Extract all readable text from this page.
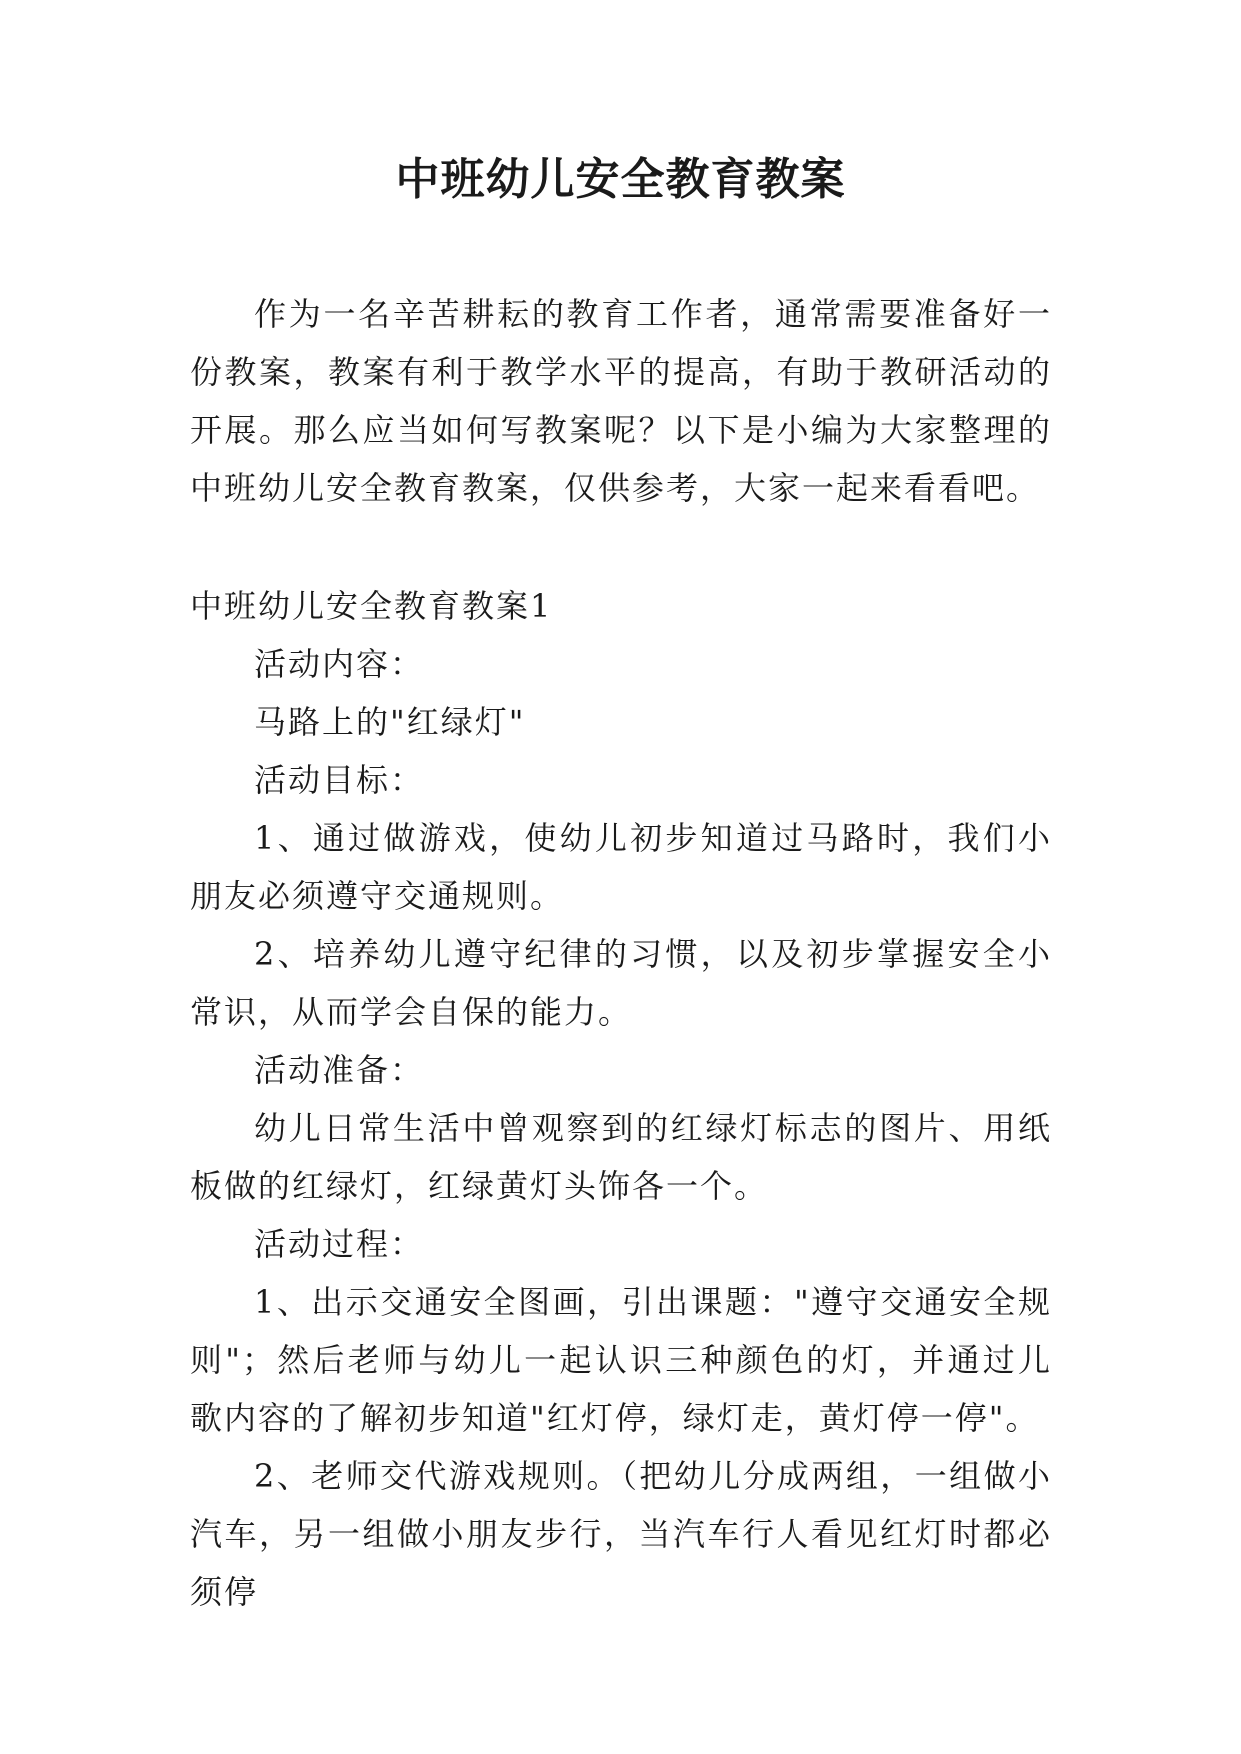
中班幼儿安全教育教案

作为一名辛苦耕耘的教育工作者，通常需要准备好一份教案，教案有利于教学水平的提高，有助于教研活动的开展。那么应当如何写教案呢？以下是小编为大家整理的中班幼儿安全教育教案，仅供参考，大家一起来看看吧。

中班幼儿安全教育教案1

活动内容：

马路上的"红绿灯"

活动目标：

1、通过做游戏，使幼儿初步知道过马路时，我们小朋友必须遵守交通规则。

2、培养幼儿遵守纪律的习惯，以及初步掌握安全小常识，从而学会自保的能力。

活动准备：

幼儿日常生活中曾观察到的红绿灯标志的图片、用纸板做的红绿灯，红绿黄灯头饰各一个。

活动过程：

1、出示交通安全图画，引出课题："遵守交通安全规则"；然后老师与幼儿一起认识三种颜色的灯，并通过儿歌内容的了解初步知道"红灯停，绿灯走，黄灯停一停"。

2、老师交代游戏规则。（把幼儿分成两组，一组做小汽车，另一组做小朋友步行，当汽车行人看见红灯时都必须停
